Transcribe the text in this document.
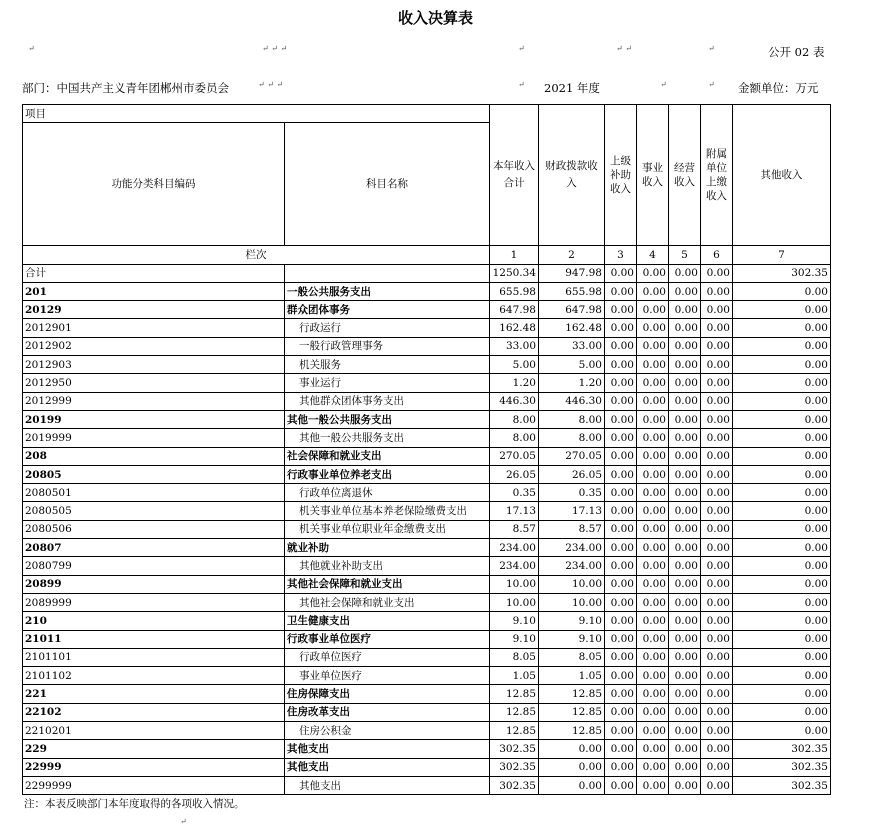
收入决算表
↵	↵ ↵ ↵	↵	↵ ↵	↵	公开 02 表
部门：中国共产主义青年团郴州市委员会	↵ ↵ ↵	↵ 2021 年度	↵	↵ 金额单位：万元
项目		本年收入合计	财政拨款收入	上级补助收入	事业收入	经营收入	附属单位上缴收入	其他收入
功能分类科目编码	科目名称							
栏次		1	2	3	4	5	6	7
合计		1250.34	947.98	0.00	0.00	0.00	0.00	302.35
201	一般公共服务支出	655.98	655.98	0.00	0.00	0.00	0.00	0.00
20129	群众团体事务	647.98	647.98	0.00	0.00	0.00	0.00	0.00
2012901	行政运行	162.48	162.48	0.00	0.00	0.00	0.00	0.00
2012902	一般行政管理事务	33.00	33.00	0.00	0.00	0.00	0.00	0.00
2012903	机关服务	5.00	5.00	0.00	0.00	0.00	0.00	0.00
2012950	事业运行	1.20	1.20	0.00	0.00	0.00	0.00	0.00
2012999	其他群众团体事务支出	446.30	446.30	0.00	0.00	0.00	0.00	0.00
20199	其他一般公共服务支出	8.00	8.00	0.00	0.00	0.00	0.00	0.00
2019999	其他一般公共服务支出	8.00	8.00	0.00	0.00	0.00	0.00	0.00
208	社会保障和就业支出	270.05	270.05	0.00	0.00	0.00	0.00	0.00
20805	行政事业单位养老支出	26.05	26.05	0.00	0.00	0.00	0.00	0.00
2080501	行政单位离退休	0.35	0.35	0.00	0.00	0.00	0.00	0.00
2080505	机关事业单位基本养老保险缴费支出	17.13	17.13	0.00	0.00	0.00	0.00	0.00
2080506	机关事业单位职业年金缴费支出	8.57	8.57	0.00	0.00	0.00	0.00	0.00
20807	就业补助	234.00	234.00	0.00	0.00	0.00	0.00	0.00
2080799	其他就业补助支出	234.00	234.00	0.00	0.00	0.00	0.00	0.00
20899	其他社会保障和就业支出	10.00	10.00	0.00	0.00	0.00	0.00	0.00
2089999	其他社会保障和就业支出	10.00	10.00	0.00	0.00	0.00	0.00	0.00
210	卫生健康支出	9.10	9.10	0.00	0.00	0.00	0.00	0.00
21011	行政事业单位医疗	9.10	9.10	0.00	0.00	0.00	0.00	0.00
2101101	行政单位医疗	8.05	8.05	0.00	0.00	0.00	0.00	0.00
2101102	事业单位医疗	1.05	1.05	0.00	0.00	0.00	0.00	0.00
221	住房保障支出	12.85	12.85	0.00	0.00	0.00	0.00	0.00
22102	住房改革支出	12.85	12.85	0.00	0.00	0.00	0.00	0.00
2210201	住房公积金	12.85	12.85	0.00	0.00	0.00	0.00	0.00
229	其他支出	302.35	0.00	0.00	0.00	0.00	0.00	302.35
22999	其他支出	302.35	0.00	0.00	0.00	0.00	0.00	302.35
2299999	其他支出	302.35	0.00	0.00	0.00	0.00	0.00	302.35
注：本表反映部门本年度取得的各项收入情况。
↵
